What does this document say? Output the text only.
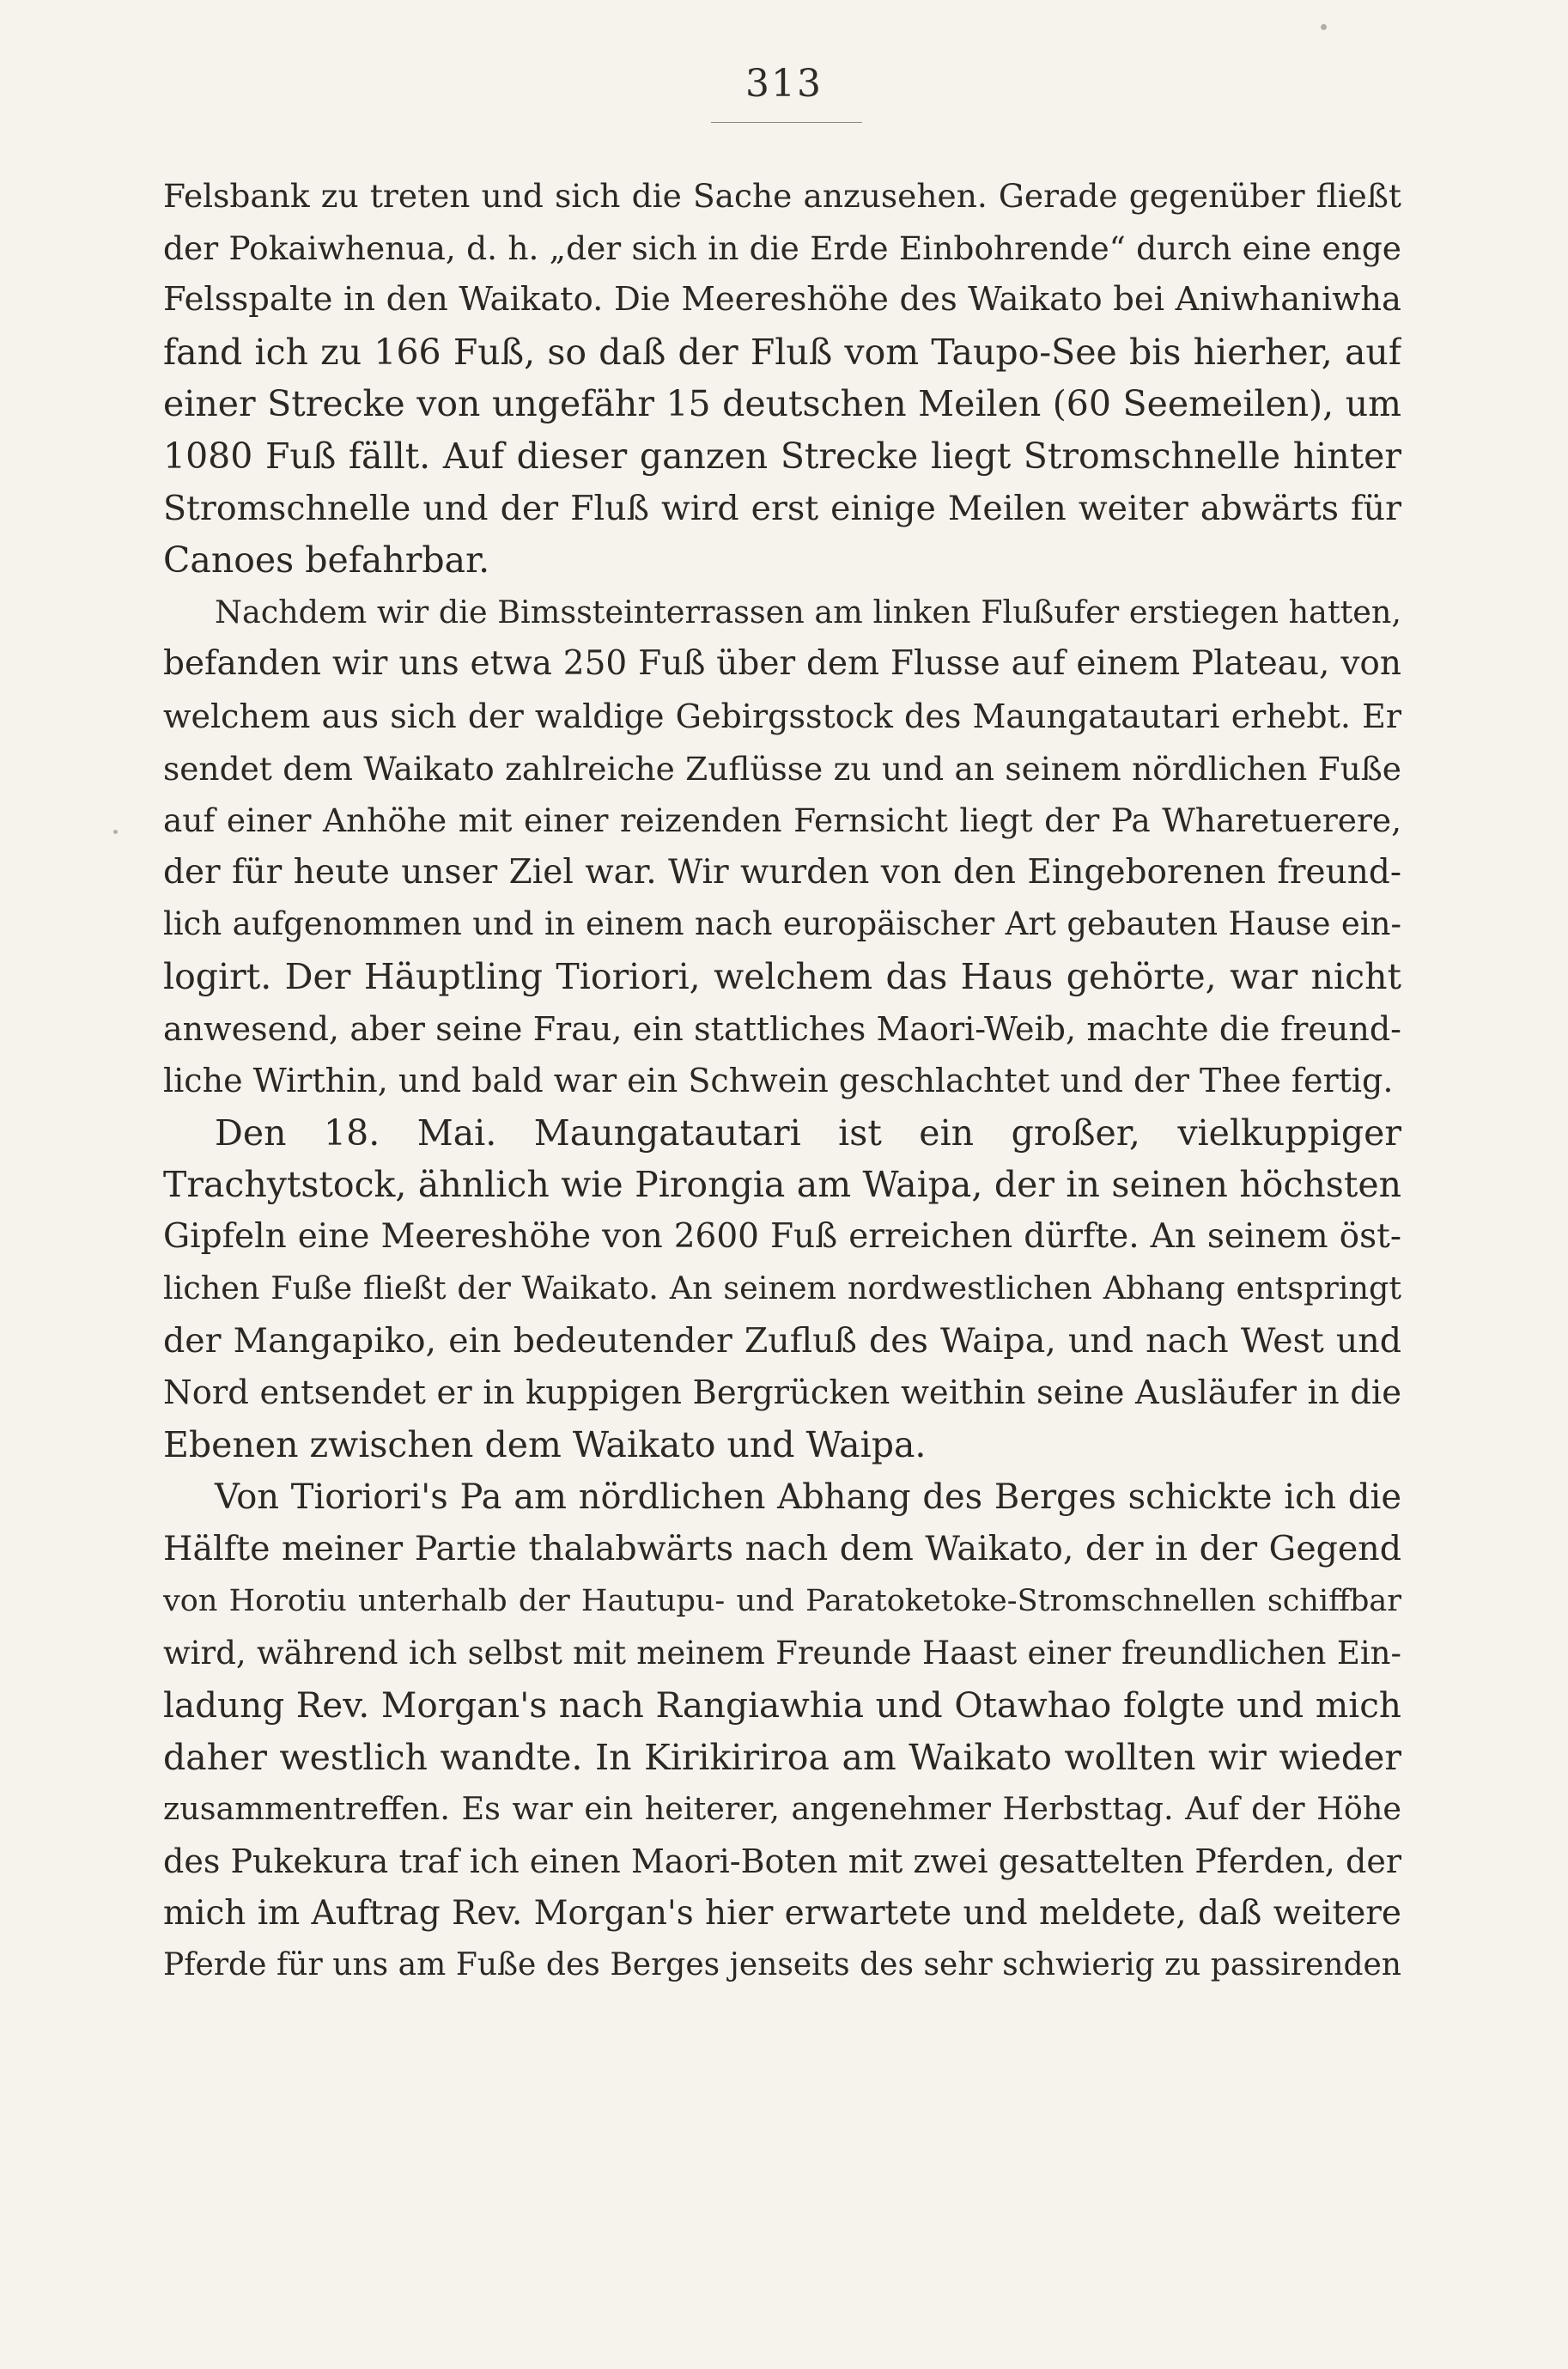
313
Felsbank zu treten und sich die Sache anzusehen. Gerade gegenüber fließt
der Pokaiwhenua, d. h. „der sich in die Erde Einbohrende“ durch eine enge
Felsspalte in den Waikato. Die Meereshöhe des Waikato bei Aniwhaniwha
fand ich zu 166 Fuß, so daß der Fluß vom Taupo-See bis hierher, auf
einer Strecke von ungefähr 15 deutschen Meilen (60 Seemeilen), um
1080 Fuß fällt. Auf dieser ganzen Strecke liegt Stromschnelle hinter
Stromschnelle und der Fluß wird erst einige Meilen weiter abwärts für
Canoes befahrbar.
Nachdem wir die Bimssteinterrassen am linken Flußufer erstiegen hatten,
befanden wir uns etwa 250 Fuß über dem Flusse auf einem Plateau, von
welchem aus sich der waldige Gebirgsstock des Maungatautari erhebt. Er
sendet dem Waikato zahlreiche Zuflüsse zu und an seinem nördlichen Fuße
auf einer Anhöhe mit einer reizenden Fernsicht liegt der Pa Wharetuerere,
der für heute unser Ziel war. Wir wurden von den Eingeborenen freund-
lich aufgenommen und in einem nach europäischer Art gebauten Hause ein-
logirt. Der Häuptling Tioriori, welchem das Haus gehörte, war nicht
anwesend, aber seine Frau, ein stattliches Maori-Weib, machte die freund-
liche Wirthin, und bald war ein Schwein geschlachtet und der Thee fertig.
Den 18. Mai. Maungatautari ist ein großer, vielkuppiger
Trachytstock, ähnlich wie Pirongia am Waipa, der in seinen höchsten
Gipfeln eine Meereshöhe von 2600 Fuß erreichen dürfte. An seinem öst-
lichen Fuße fließt der Waikato. An seinem nordwestlichen Abhang entspringt
der Mangapiko, ein bedeutender Zufluß des Waipa, und nach West und
Nord entsendet er in kuppigen Bergrücken weithin seine Ausläufer in die
Ebenen zwischen dem Waikato und Waipa.
Von Tioriori's Pa am nördlichen Abhang des Berges schickte ich die
Hälfte meiner Partie thalabwärts nach dem Waikato, der in der Gegend
von Horotiu unterhalb der Hautupu- und Paratoketoke-Stromschnellen schiffbar
wird, während ich selbst mit meinem Freunde Haast einer freundlichen Ein-
ladung Rev. Morgan's nach Rangiawhia und Otawhao folgte und mich
daher westlich wandte. In Kirikiriroa am Waikato wollten wir wieder
zusammentreffen. Es war ein heiterer, angenehmer Herbsttag. Auf der Höhe
des Pukekura traf ich einen Maori-Boten mit zwei gesattelten Pferden, der
mich im Auftrag Rev. Morgan's hier erwartete und meldete, daß weitere
Pferde für uns am Fuße des Berges jenseits des sehr schwierig zu passirenden
